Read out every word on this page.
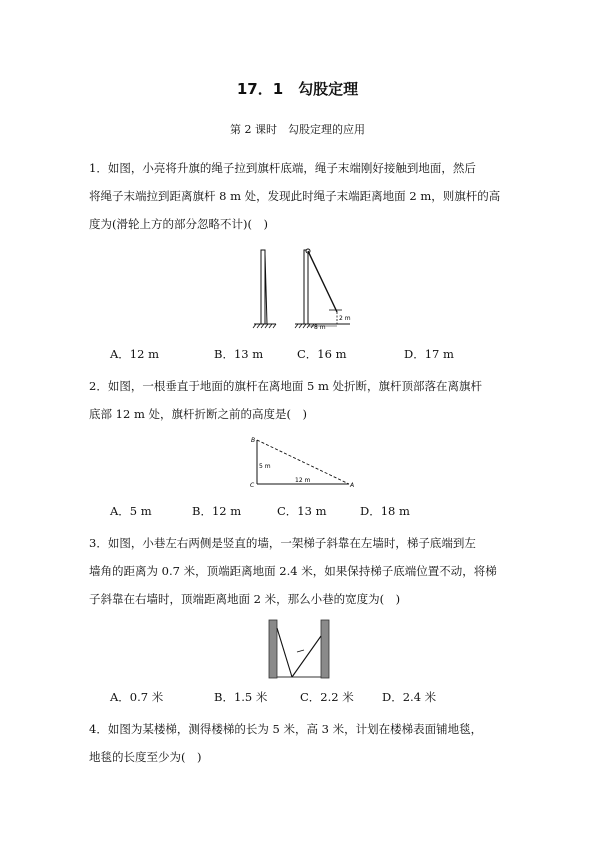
17．1　勾股定理
第 2 课时　勾股定理的应用
1．如图，小亮将升旗的绳子拉到旗杆底端，绳子末端刚好接触到地面，然后
将绳子末端拉到距离旗杆 8 m 处，发现此时绳子末端距离地面 2 m，则旗杆的高
度为(滑轮上方的部分忽略不计)(　)
8 m
2 m
A．12 m	B．13 m	C．16 m	D．17 m
2．如图，一根垂直于地面的旗杆在离地面 5 m 处折断，旗杆顶部落在离旗杆
底部 12 m 处，旗杆折断之前的高度是(　)
B
C	A
5 m
12 m
A．5 m	B．12 m	C．13 m	D．18 m
3．如图，小巷左右两侧是竖直的墙，一架梯子斜靠在左墙时，梯子底端到左
墙角的距离为 0.7 米，顶端距离地面 2.4 米，如果保持梯子底端位置不动，将梯
子斜靠在右墙时，顶端距离地面 2 米，那么小巷的宽度为(　)
A．0.7 米	B．1.5 米	C．2.2 米 D．2.4 米
4．如图为某楼梯，测得楼梯的长为 5 米，高 3 米，计划在楼梯表面铺地毯，
地毯的长度至少为(　)
